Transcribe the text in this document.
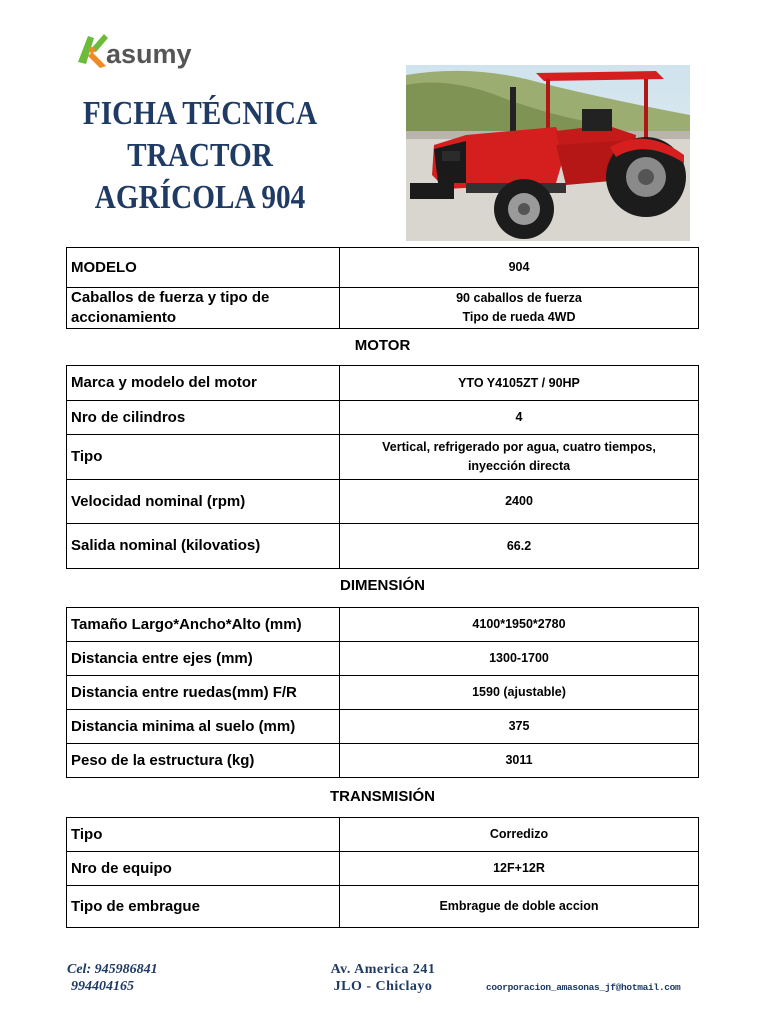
asumy
FICHA TÉCNICA
TRACTOR
AGRÍCOLA 904
MODELO	904
Caballos de fuerza y tipo de accionamiento	90 caballos de fuerza
Tipo de rueda 4WD
MOTOR
Marca y modelo del motor	YTO Y4105ZT / 90HP
Nro de cilindros	4
Tipo	Vertical, refrigerado por agua, cuatro tiempos, inyección directa
Velocidad nominal (rpm)	2400
Salida nominal (kilovatios)	66.2
DIMENSIÓN
Tamaño Largo*Ancho*Alto (mm)	4100*1950*2780
Distancia entre ejes (mm)	1300-1700
Distancia entre ruedas(mm) F/R	1590 (ajustable)
Distancia minima al suelo (mm)	375
Peso de la estructura (kg)	3011
TRANSMISIÓN
Tipo	Corredizo
Nro de equipo	12F+12R
Tipo de embrague	Embrague de doble accion
Cel: 945986841
994404165
Av. America 241
JLO - Chiclayo	coorporacion_amasonas_jf@hotmail.com
